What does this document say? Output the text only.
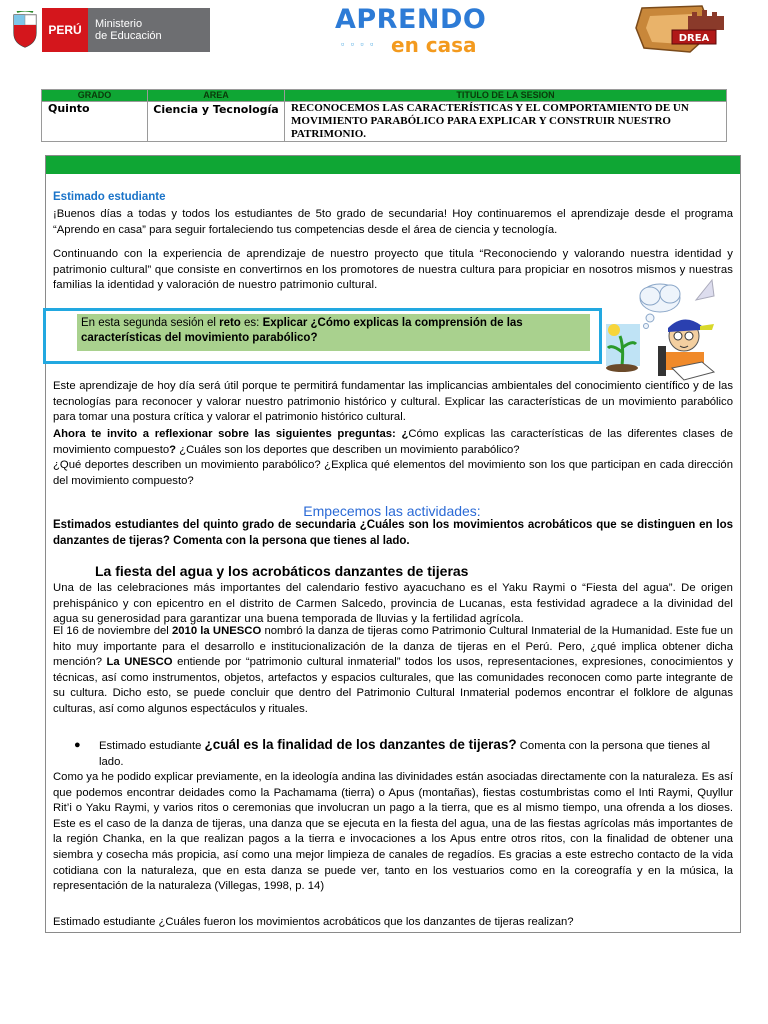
PERÚ	Ministerio
de Educación
APRENDO
▫ ▫ ▫ ▫ en casa	DREA
GRADO	AREA	TITULO DE LA SESION
Quinto	Ciencia y Tecnología	RECONOCEMOS LAS CARACTERÍSTICAS Y EL COMPORTAMIENTO DE UN MOVIMIENTO PARABÓLICO PARA EXPLICAR Y CONSTRUIR NUESTRO PATRIMONIO.

Estimado estudiante

¡Buenos días a todas y todos los estudiantes de 5to grado de secundaria! Hoy continuaremos el aprendizaje desde el programa “Aprendo en casa” para seguir fortaleciendo tus competencias desde el área de ciencia y tecnología.

Continuando con la experiencia de aprendizaje de nuestro proyecto que titula “Reconociendo y valorando nuestra identidad y patrimonio cultural” que consiste en convertirnos en los promotores de nuestra cultura para propiciar en nosotros mismos y nuestras familias la identidad y valoración de nuestro patrimonio cultural.

En esta segunda sesión el reto es: Explicar ¿Cómo explicas la comprensión de las características del movimiento parabólico?

Este aprendizaje de hoy día será útil porque te permitirá fundamentar las implicancias ambientales del conocimiento científico y de las tecnologías para reconocer y valorar nuestro patrimonio histórico y cultural. Explicar las características de un movimiento parabólico para tomar una postura crítica y valorar el patrimonio histórico cultural.

Ahora te invito a reflexionar sobre las siguientes preguntas: ¿Cómo explicas las características de las diferentes clases de movimiento compuesto? ¿Cuáles son los deportes que describen un movimiento parabólico?

¿Qué deportes describen un movimiento parabólico? ¿Explica qué elementos del movimiento son los que participan en cada dirección del movimiento compuesto?

Empecemos las actividades:

Estimados estudiantes del quinto grado de secundaria ¿Cuáles son los movimientos acrobáticos que se distinguen en los danzantes de tijeras? Comenta con la persona que tienes al lado.

La fiesta del agua y los acrobáticos danzantes de tijeras

Una de las celebraciones más importantes del calendario festivo ayacuchano es el Yaku Raymi o “Fiesta del agua”. De origen prehispánico y con epicentro en el distrito de Carmen Salcedo, provincia de Lucanas, esta festividad agradece a la divinidad del agua su generosidad para garantizar una buena temporada de lluvias y la fertilidad agrícola.

El 16 de noviembre del 2010 la UNESCO nombró la danza de tijeras como Patrimonio Cultural Inmaterial de la Humanidad. Este fue un hito muy importante para el desarrollo e institucionalización de la danza de tijeras en el Perú. Pero, ¿qué implica obtener dicha mención? La UNESCO entiende por “patrimonio cultural inmaterial” todos los usos, representaciones, expresiones, conocimientos y técnicas, así como instrumentos, objetos, artefactos y espacios culturales, que las comunidades reconocen como parte integrante de su cultura. Dicho esto, se puede concluir que dentro del Patrimonio Cultural Inmaterial podemos encontrar el folklore de algunas culturas, así como algunos espectáculos y rituales.

● Estimado estudiante ¿cuál es la finalidad de los danzantes de tijeras? Comenta con la persona que tienes al lado.

Como ya he podido explicar previamente, en la ideología andina las divinidades están asociadas directamente con la naturaleza. Es así que podemos encontrar deidades como la Pachamama (tierra) o Apus (montañas), fiestas costumbristas como el Inti Raymi, Quyllur Rit’i o Yaku Raymi, y varios ritos o ceremonias que involucran un pago a la tierra, que es al mismo tiempo, una ofrenda a los dioses. Este es el caso de la danza de tijeras, una danza que se ejecuta en la fiesta del agua, una de las fiestas agrícolas más importantes de la región Chanka, en la que realizan pagos a la tierra e invocaciones a los Apus entre otros ritos, con la finalidad de obtener una siembra y cosecha más propicia, así como una mejor limpieza de canales de regadíos. Es gracias a este estrecho contacto de la vida cotidiana con la naturaleza, que en esta danza se puede ver, tanto en los vestuarios como en la coreografía y en la música, la representación de la naturaleza (Villegas, 1998, p. 14)

Estimado estudiante ¿Cuáles fueron los movimientos acrobáticos que los danzantes de tijeras realizan?
